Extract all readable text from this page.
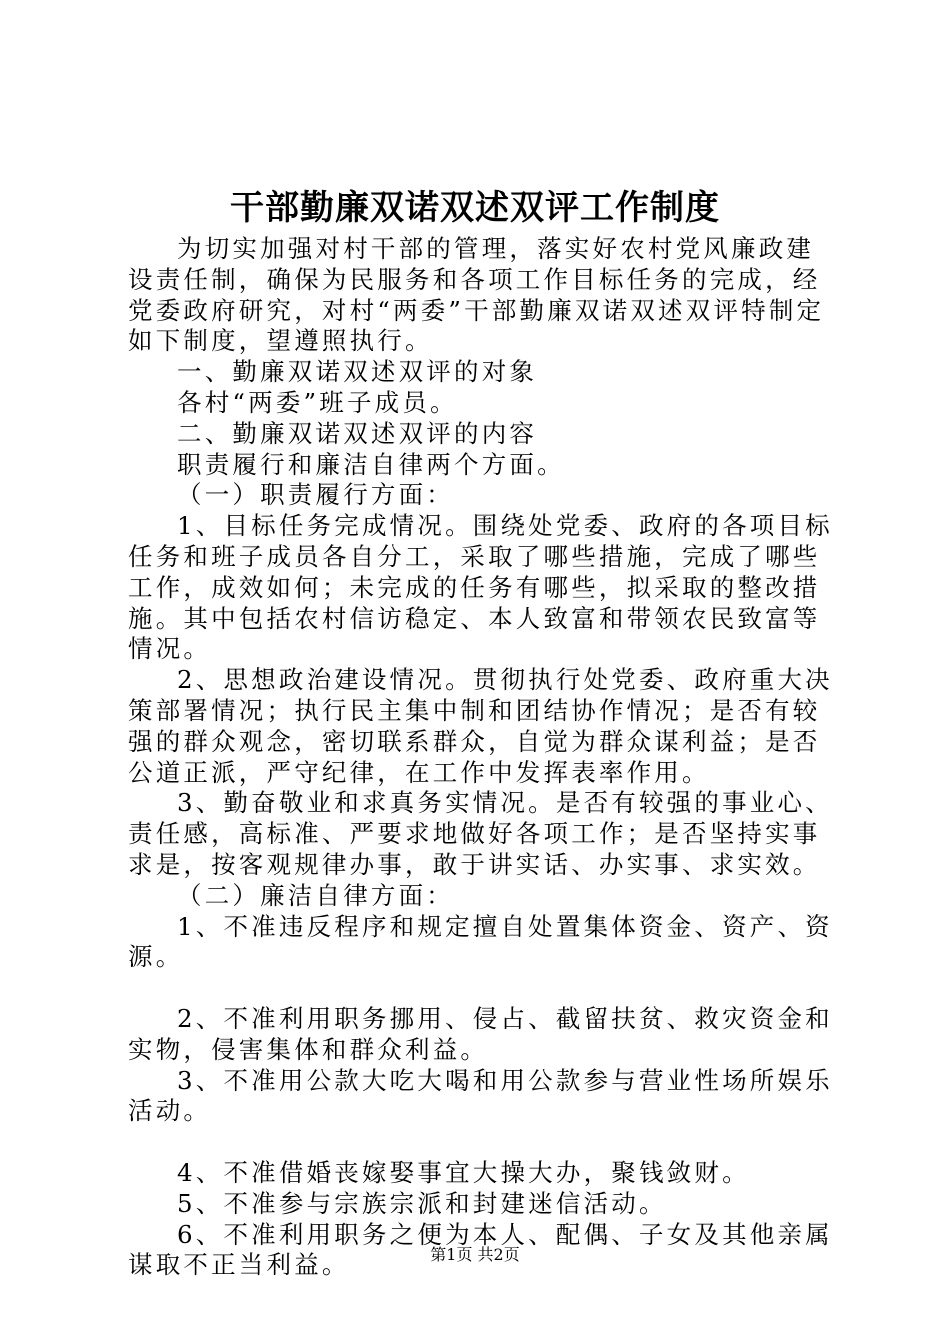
干部勤廉双诺双述双评工作制度

为切实加强对村干部的管理，落实好农村党风廉政建设责任制，确保为民服务和各项工作目标任务的完成，经党委政府研究，对村“两委”干部勤廉双诺双述双评特制定如下制度，望遵照执行。

一、勤廉双诺双述双评的对象

各村“两委”班子成员。

二、勤廉双诺双述双评的内容

职责履行和廉洁自律两个方面。

（一）职责履行方面：

1、目标任务完成情况。围绕处党委、政府的各项目标任务和班子成员各自分工，采取了哪些措施，完成了哪些工作，成效如何；未完成的任务有哪些，拟采取的整改措施。其中包括农村信访稳定、本人致富和带领农民致富等情况。

2、思想政治建设情况。贯彻执行处党委、政府重大决策部署情况；执行民主集中制和团结协作情况；是否有较强的群众观念，密切联系群众，自觉为群众谋利益；是否公道正派，严守纪律，在工作中发挥表率作用。

3、勤奋敬业和求真务实情况。是否有较强的事业心、责任感，高标准、严要求地做好各项工作；是否坚持实事求是，按客观规律办事，敢于讲实话、办实事、求实效。

（二）廉洁自律方面：

1、不准违反程序和规定擅自处置集体资金、资产、资源。

2、不准利用职务挪用、侵占、截留扶贫、救灾资金和实物，侵害集体和群众利益。

3、不准用公款大吃大喝和用公款参与营业性场所娱乐活动。

4、不准借婚丧嫁娶事宜大操大办，聚钱敛财。

5、不准参与宗族宗派和封建迷信活动。

6、不准利用职务之便为本人、配偶、子女及其他亲属谋取不正当利益。	第1页 共2页
